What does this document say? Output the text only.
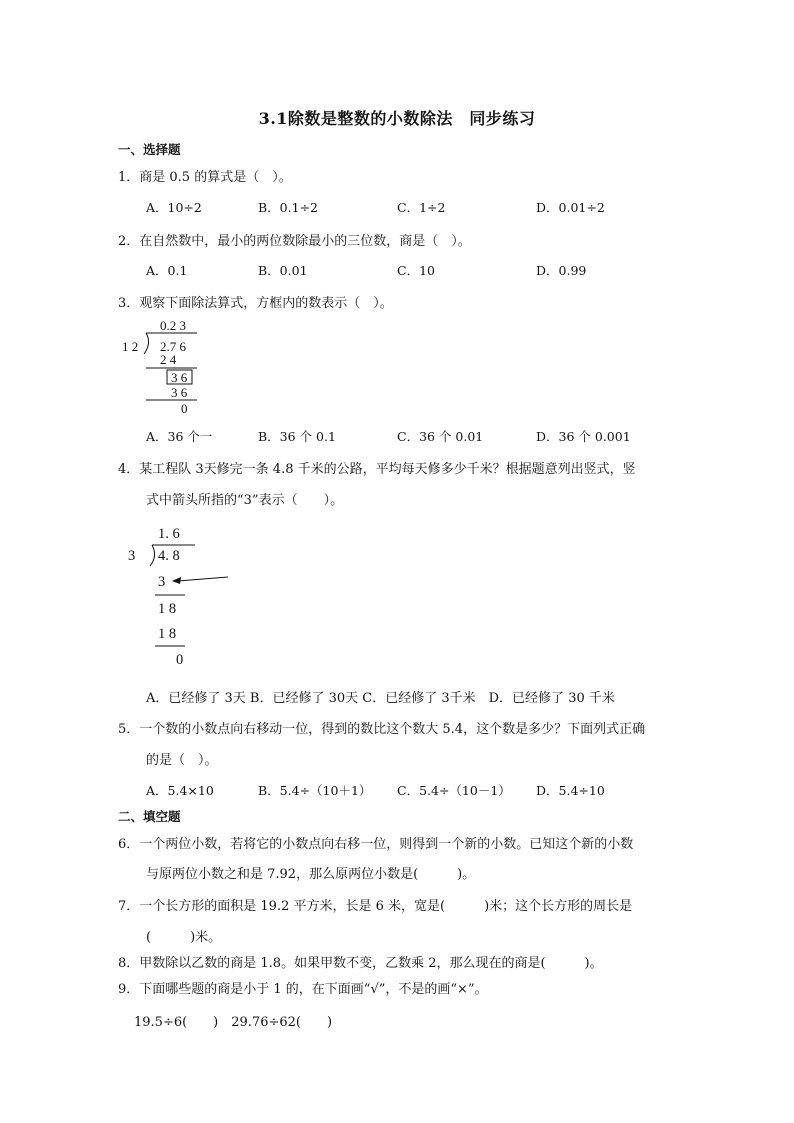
3.1除数是整数的小数除法　同步练习
一、选择题
1．商是 0.5 的算式是（　）。
A．10÷2	B．0.1÷2	C．1÷2	D．0.01÷2
2．在自然数中，最小的两位数除最小的三位数，商是（　）。
A．0.1	B．0.01	C．10	D．0.99
3．观察下面除法算式，方框内的数表示（　）。
0.2 3
1 2 2.7 6
2 4
3 6
3 6
0
A．36 个一	B．36 个 0.1	C．36 个 0.01	D．36 个 0.001
4．某工程队 3天修完一条 4.8 千米的公路，平均每天修多少千米？根据题意列出竖式，竖
式中箭头所指的“3”表示（　　）。
1. 6
3 4. 8
3
1 8
1 8
0
A．已经修了 3天 B．已经修了 30天 C．已经修了 3千米　D．已经修了 30 千米
5．一个数的小数点向右移动一位，得到的数比这个数大 5.4，这个数是多少？下面列式正确
的是（　）。
A．5.4×10	B．5.4÷（10＋1） C．5.4÷（10－1） D．5.4÷10
二、填空题
6．一个两位小数，若将它的小数点向右移一位，则得到一个新的小数。已知这个新的小数
与原两位小数之和是 7.92，那么原两位小数是(　　　)。
7．一个长方形的面积是 19.2 平方米，长是 6 米，宽是(　　　)米；这个长方形的周长是
(　　　)米。
8．甲数除以乙数的商是 1.8。如果甲数不变，乙数乘 2，那么现在的商是(　　　)。
9．下面哪些题的商是小于 1 的，在下面画“√”，不是的画“×”。
19.5÷6(　　)　29.76÷62(　　)
